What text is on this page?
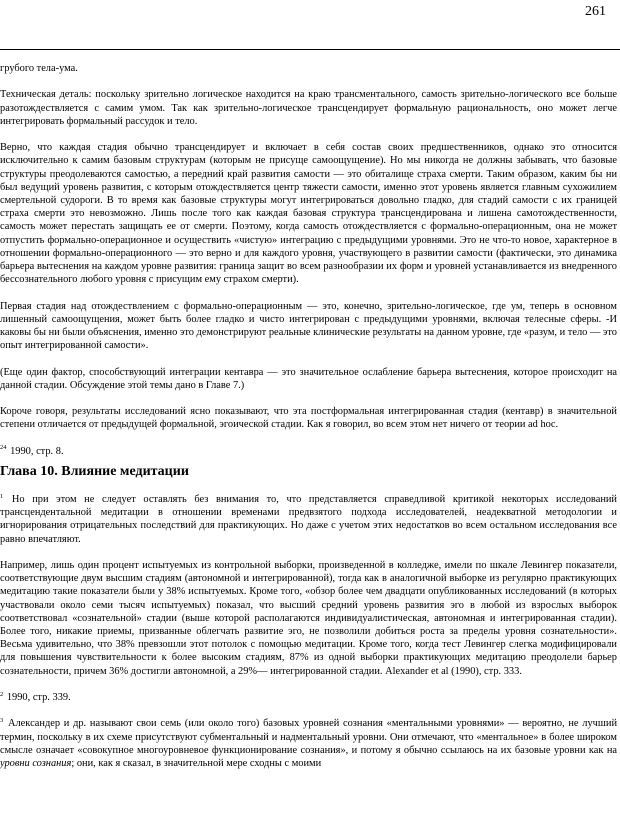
261

грубого тела-ума.

Техническая деталь: поскольку зрительно логическое находится на краю трансментального, самость зрительно-логического все больше разотождествляется с самим умом. Так как зрительно-логическое трансцендирует формальную рациональность, оно может легче интегрировать формальный рассудок и тело.

Верно, что каждая стадия обычно трансцендирует и включает в себя состав своих предшественников, однако это относится исключительно к самим базовым структурам (которым не присуще самоощущение). Но мы никогда не должны забывать, что базовые структуры преодолеваются самостью, а передний край развития самости — это обиталище страха смерти. Таким образом, каким бы ни был ведущий уровень развития, с которым отождествляется центр тяжести самости, именно этот уровень является главным сухожилием смертельной судороги. В то время как базовые структуры могут интегрироваться довольно гладко, для стадий самости с их границей страха смерти это невозможно. Лишь после того как каждая базовая структура трансцендирована и лишена самотождественности, самость может перестать защищать ее от смерти. Поэтому, когда самость отождествляется с формально-операционным, она не может отпустить формально-операционное и осуществить «чистую» интеграцию с предыдущими уровнями. Это не что-то новое, характерное в отношении формально-операционного — это верно и для каждого уровня, участвующего в развитии самости (фактически, это динамика барьера вытеснения на каждом уровне развития: граница защит во всем разнообразии их форм и уровней устанавливается из внедренного бессознательного любого уровня с присущим ему страхом смерти).

Первая стадия над отождествлением с формально-операционным — это, конечно, зрительно-логическое, где ум, теперь в основном лишенный самоощущения, может быть более гладко и чисто интегрирован с предыдущими уровнями, включая телесные сферы. -И каковы бы ни были объяснения, именно это демонстрируют реальные клинические результаты на данном уровне, где «разум, и тело — это опыт интегрированной самости».

(Еще один фактор, способствующий интеграции кентавра — это значительное ослабление барьера вытеснения, которое происходит на данной стадии. Обсуждение этой темы дано в Главе 7.)

Короче говоря, результаты исследований ясно показывают, что эта постформальная интегрированная стадия (кентавр) в значительной степени отличается от предыдущей формальной, эгоической стадии. Как я говорил, во всем этом нет ничего от теории ad hoc.

$^{24}$ 1990, стр. 8.

Глава 10. Влияние медитации

$^1$ Но при этом не следует оставлять без внимания то, что представляется справедливой критикой некоторых исследований трансцендентальной медитации в отношении временами предвзятого подхода исследователей, неадекватной методологии и игнорирования отрицательных последствий для практикующих. Но даже с учетом этих недостатков во всем остальном исследования все равно впечатляют.

Например, лишь один процент испытуемых из контрольной выборки, произведенной в колледже, имели по шкале Левингер показатели, соответствующие двум высшим стадиям (автономной и интегрированной), тогда как в аналогичной выборке из регулярно практикующих медитацию такие показатели были у 38% испытуемых. Кроме того, «обзор более чем двадцати опубликованных исследований (в которых участвовали около семи тысяч испытуемых) показал, что высший средний уровень развития эго в любой из взрослых выборок соответствовал «сознательной» стадии (выше которой располагаются индивидуалистическая, автономная и интегрированная стадии). Более того, никакие приемы, призванные облегчать развитие эго, не позволили добиться роста за пределы уровня сознательности». Весьма удивительно, что 38% превзошли этот потолок с помощью медитации. Кроме того, когда тест Левингер слегка модифицировали для повышения чувствительности к более высоким стадиям, 87% из одной выборки практикующих медитацию преодолели барьер сознательности, причем 36% достигли автономной, а 29%— интегрированной стадии. Alexander et al (1990), стр. 333.

$^2$ 1990, стр. 339.

$^3$ Александер и др. называют свои семь (или около того) базовых уровней сознания «ментальными уровнями» — вероятно, не лучший термин, поскольку в их схеме присутствуют субментальный и надментальный уровни. Они отмечают, что «ментальное» в более широком смысле означает «совокупное многоуровневое функционирование сознания», и потому я обычно ссылаюсь на их базовые уровни как на уровни сознания; они, как я сказал, в значительной мере сходны с моими
